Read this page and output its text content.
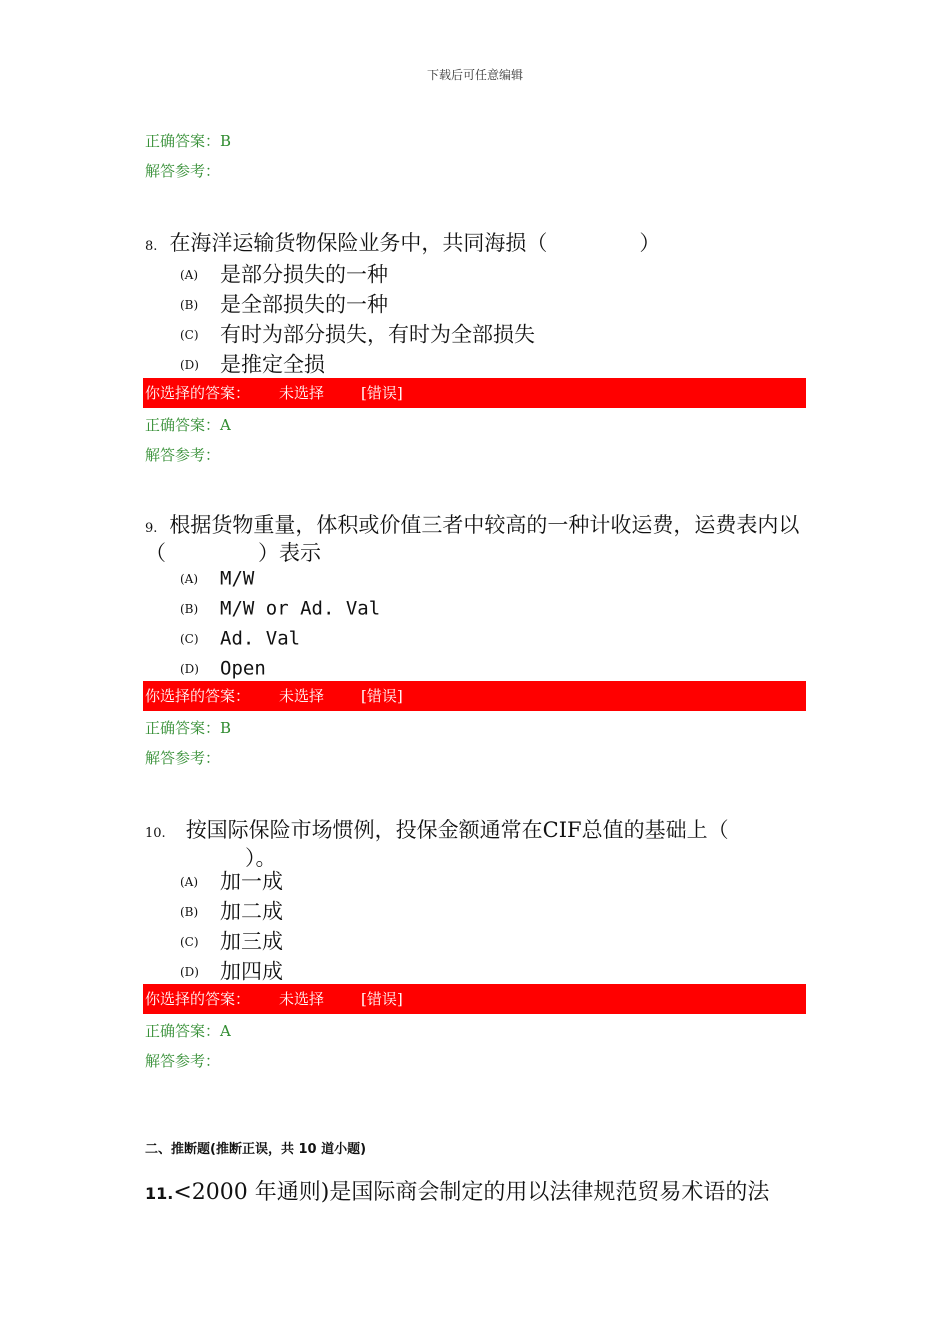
下载后可任意编辑
正确答案：B
解答参考：
8. 在海洋运输货物保险业务中，共同海损（	）
(A) 是部分损失的一种
(B) 是全部损失的一种
(C) 有时为部分损失，有时为全部损失
(D) 是推定全损
你选择的答案： 未选择 [错误]
正确答案：A
解答参考：
9. 根据货物重量，体积或价值三者中较高的一种计收运费，运费表内以（	）表示
(A) M/W
(B) M/W or Ad. Val
(C) Ad. Val
(D) Open
你选择的答案： 未选择 [错误]
正确答案：B
解答参考：
10. 按国际保险市场惯例，投保金额通常在CIF总值的基础上（）。
(A) 加一成
(B) 加二成
(C) 加三成
(D) 加四成
你选择的答案： 未选择 [错误]
正确答案：A
解答参考：
二、推断题(推断正误，共 10 道小题)
11.<2000 年通则)是国际商会制定的用以法律规范贸易术语的法
